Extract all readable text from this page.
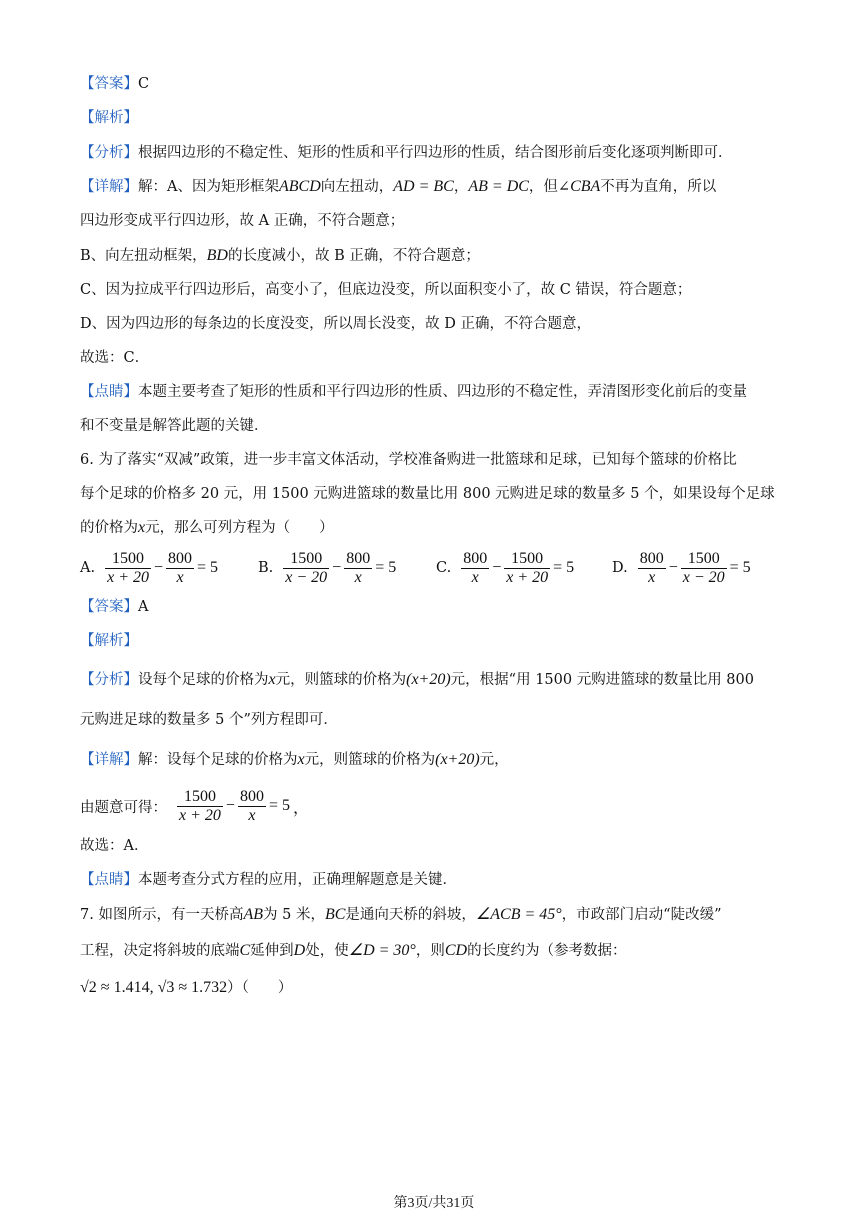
【答案】C
【解析】
【分析】根据四边形的不稳定性、矩形的性质和平行四边形的性质，结合图形前后变化逐项判断即可．
【详解】解：A、因为矩形框架ABCD向左扭动，AD = BC，AB = DC，但∠CBA不再为直角，所以
四边形变成平行四边形，故 A 正确，不符合题意；
B、向左扭动框架，BD的长度减小，故 B 正确，不符合题意；
C、因为拉成平行四边形后，高变小了，但底边没变，所以面积变小了，故 C 错误，符合题意；
D、因为四边形的每条边的长度没变，所以周长没变，故 D 正确，不符合题意，
故选：C．
【点睛】本题主要考查了矩形的性质和平行四边形的性质、四边形的不稳定性，弄清图形变化前后的变量
和不变量是解答此题的关键．
6. 为了落实“双减”政策，进一步丰富文体活动，学校准备购进一批篮球和足球，已知每个篮球的价格比
每个足球的价格多 20 元，用 1500 元购进篮球的数量比用 800 元购进足球的数量多 5 个，如果设每个足球
的价格为x元，那么可列方程为（　　）
A. $\frac{1500}{x + 20} - \frac{800}{x} = 5$	B. $\frac{1500}{x - 20} - \frac{800}{x} = 5$	C. $\frac{800}{x} - \frac{1500}{x + 20} = 5$	D. $\frac{800}{x} - \frac{1500}{x - 20} = 5$
【答案】A
【解析】
【分析】设每个足球的价格为x元，则篮球的价格为(x+20)元，根据“用 1500 元购进篮球的数量比用 800
元购进足球的数量多 5 个”列方程即可．
【详解】解：设每个足球的价格为x元，则篮球的价格为(x+20)元，
由题意可得： $\frac{1500}{x + 20} - \frac{800}{x} = 5$ ，
故选：A．
【点睛】本题考查分式方程的应用，正确理解题意是关键．
7. 如图所示，有一天桥高AB为 5 米，BC是通向天桥的斜坡，∠ACB = 45°，市政部门启动“陡改缓”
工程，决定将斜坡的底端C延伸到D处，使∠D = 30°，则CD的长度约为（参考数据：
√2 ≈ 1.414, √3 ≈ 1.732）（　　）
第3页/共31页
